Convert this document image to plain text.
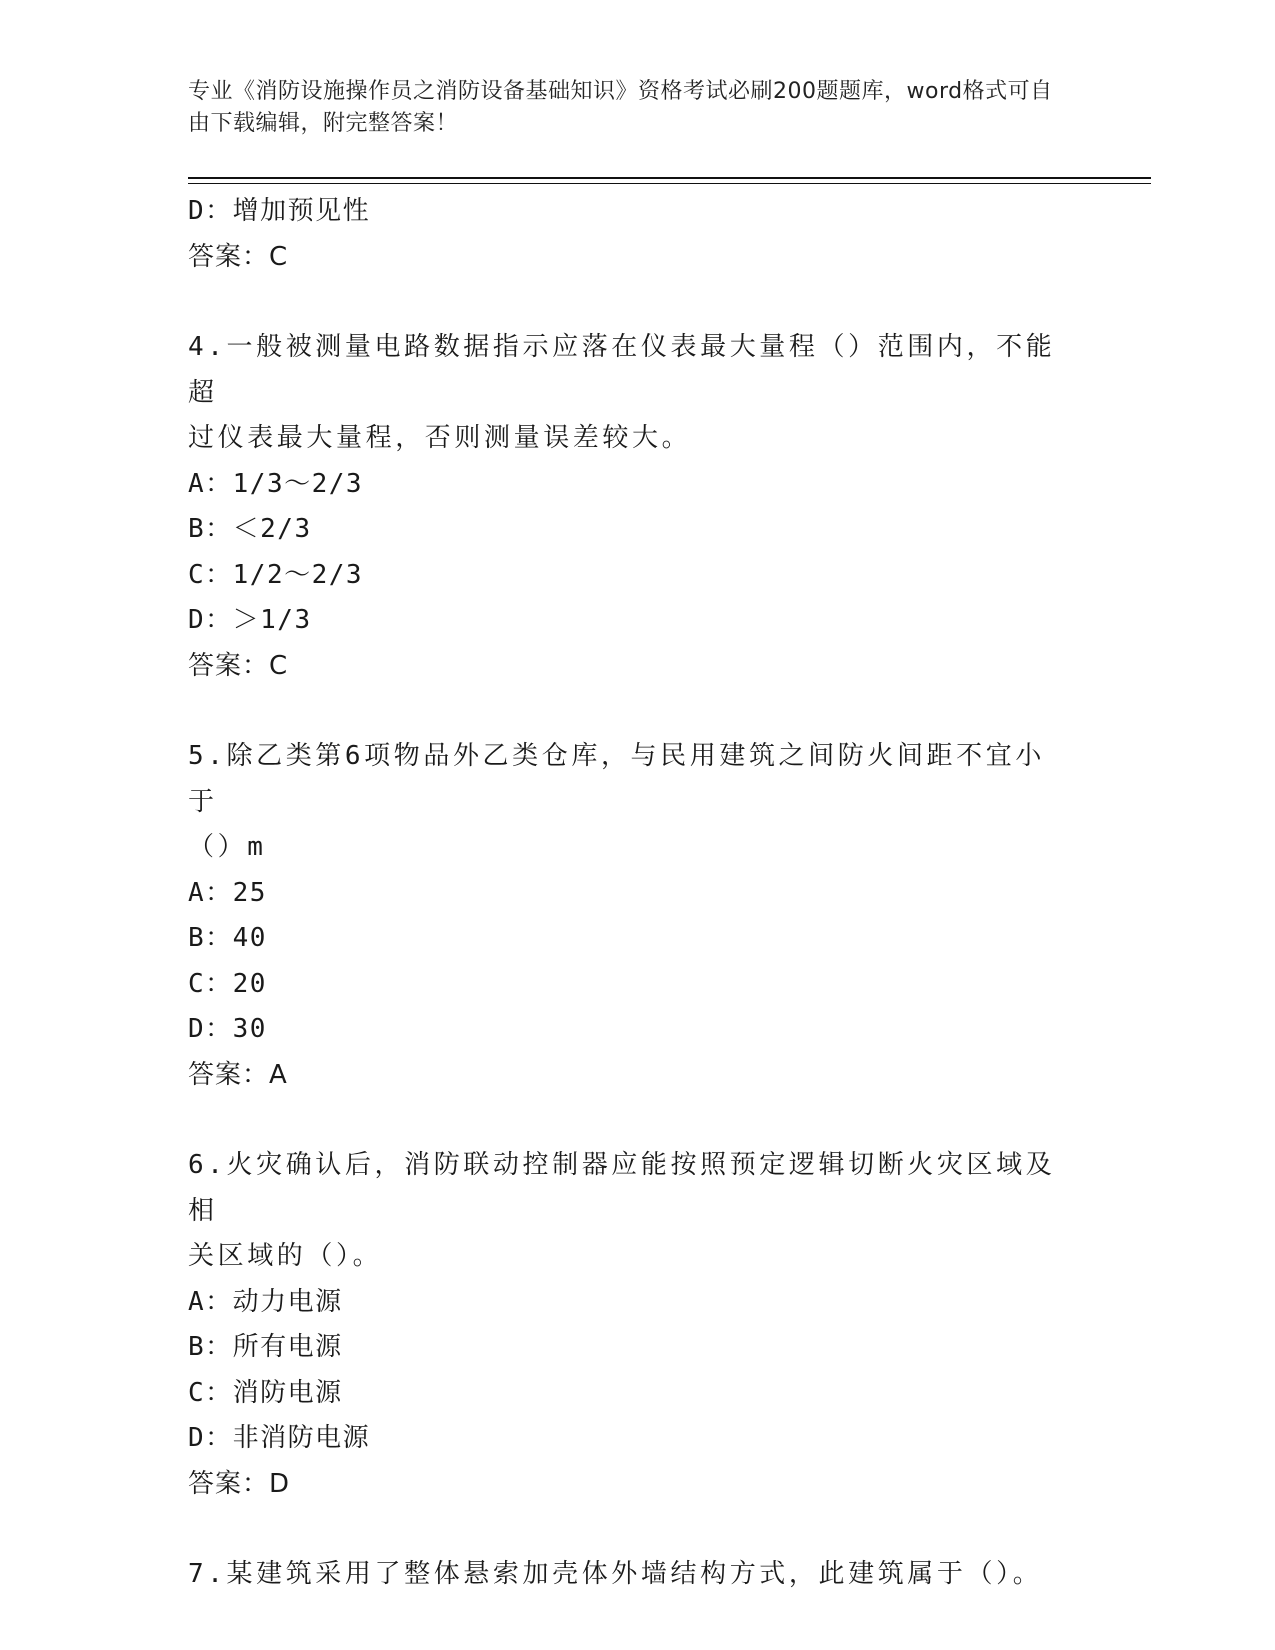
专业《消防设施操作员之消防设备基础知识》资格考试必刷200题题库，word格式可自由下载编辑，附完整答案！
D：增加预见性
答案：C
4.一般被测量电路数据指示应落在仪表最大量程（）范围内，不能超
过仪表最大量程，否则测量误差较大。
A：1/3～2/3
B：＜2/3
C：1/2～2/3
D：＞1/3
答案：C
5.除乙类第6项物品外乙类仓库，与民用建筑之间防火间距不宜小于
（）m
A：25
B：40
C：20
D：30
答案：A
6.火灾确认后，消防联动控制器应能按照预定逻辑切断火灾区域及相
关区域的（）。
A：动力电源
B：所有电源
C：消防电源
D：非消防电源
答案：D
7.某建筑采用了整体悬索加壳体外墙结构方式，此建筑属于（）。
